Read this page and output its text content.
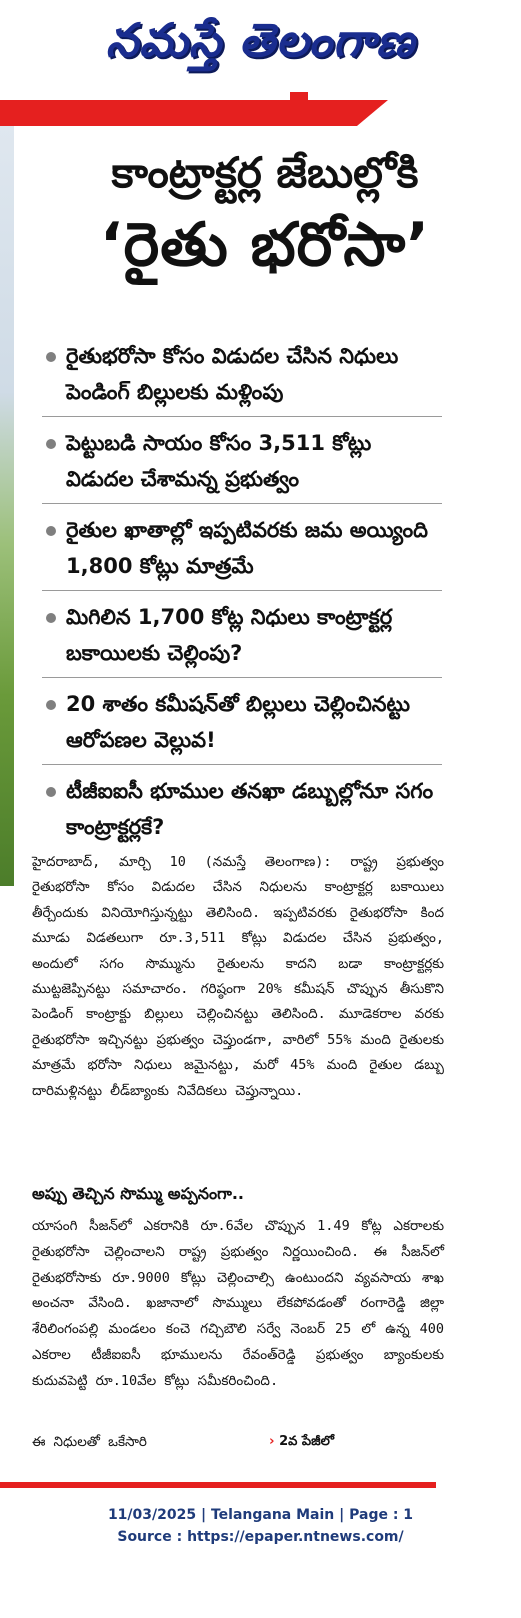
నమస్తే తెలంగాణ
కాంట్రాక్టర్ల జేబుల్లోకి
‘రైతు భరోసా’
రైతుభరోసా కోసం విడుదల చేసిన నిధులు పెండింగ్ బిల్లులకు మళ్లింపు
పెట్టుబడి సాయం కోసం 3,511 కోట్లు విడుదల చేశామన్న ప్రభుత్వం
రైతుల ఖాతాల్లో ఇప్పటివరకు జమ అయ్యింది 1,800 కోట్లు మాత్రమే
మిగిలిన 1,700 కోట్ల నిధులు కాంట్రాక్టర్ల బకాయిలకు చెల్లింపు?
20 శాతం కమీషన్‌తో బిల్లులు చెల్లించినట్టు ఆరోపణల వెల్లువ!
టీజీఐఐసీ భూముల తనఖా డబ్బుల్లోనూ సగం కాంట్రాక్టర్లకే?
హైదరాబాద్, మార్చి 10 (నమస్తే తెలంగాణ): రాష్ట్ర ప్రభుత్వం రైతుభరోసా కోసం విడుదల చేసిన నిధులను కాంట్రాక్టర్ల బకాయిలు తీర్చేందుకు వినియోగిస్తున్నట్టు తెలిసింది. ఇప్పటివరకు రైతుభరోసా కింద మూడు విడతలుగా రూ.3,511 కోట్లు విడుదల చేసిన ప్రభుత్వం, అందులో సగం సొమ్మును రైతులను కాదని బడా కాంట్రాక్టర్లకు ముట్టజెప్పినట్టు సమాచారం. గరిష్ఠంగా 20% కమీషన్ చొప్పున తీసుకొని పెండింగ్ కాంట్రాక్టు బిల్లులు చెల్లించినట్టు తెలిసింది. మూడెకరాల వరకు రైతుభరోసా ఇచ్చినట్టు ప్రభుత్వం చెప్తుండగా, వారిలో 55% మంది రైతులకు మాత్రమే భరోసా నిధులు జమైనట్టు, మరో 45% మంది రైతుల డబ్బు దారిమళ్లినట్టు లీడ్‌బ్యాంకు నివేదికలు చెప్తున్నాయి.
అప్పు తెచ్చిన సొమ్ము అప్పనంగా..
యాసంగి సీజన్‌లో ఎకరానికి రూ.6వేల చొప్పున 1.49 కోట్ల ఎకరాలకు రైతుభరోసా చెల్లించాలని రాష్ట్ర ప్రభుత్వం నిర్ణయించింది. ఈ సీజన్‌లో రైతుభరోసాకు రూ.9000 కోట్లు చెల్లించాల్సి ఉంటుందని వ్యవసాయ శాఖ అంచనా వేసింది. ఖజానాలో సొమ్ములు లేకపోవడంతో రంగారెడ్డి జిల్లా శేరిలింగంపల్లి మండలం కంచె గచ్చిబౌలి సర్వే నెంబర్ 25 లో ఉన్న 400 ఎకరాల టీజీఐఐసీ భూములను రేవంత్‌రెడ్డి ప్రభుత్వం బ్యాంకులకు కుదువపెట్టి రూ.10వేల కోట్లు సమీకరించింది.
ఈ నిధులతో ఒకేసారి	› 2వ పేజీలో
11/03/2025 | Telangana Main | Page : 1
Source : https://epaper.ntnews.com/
